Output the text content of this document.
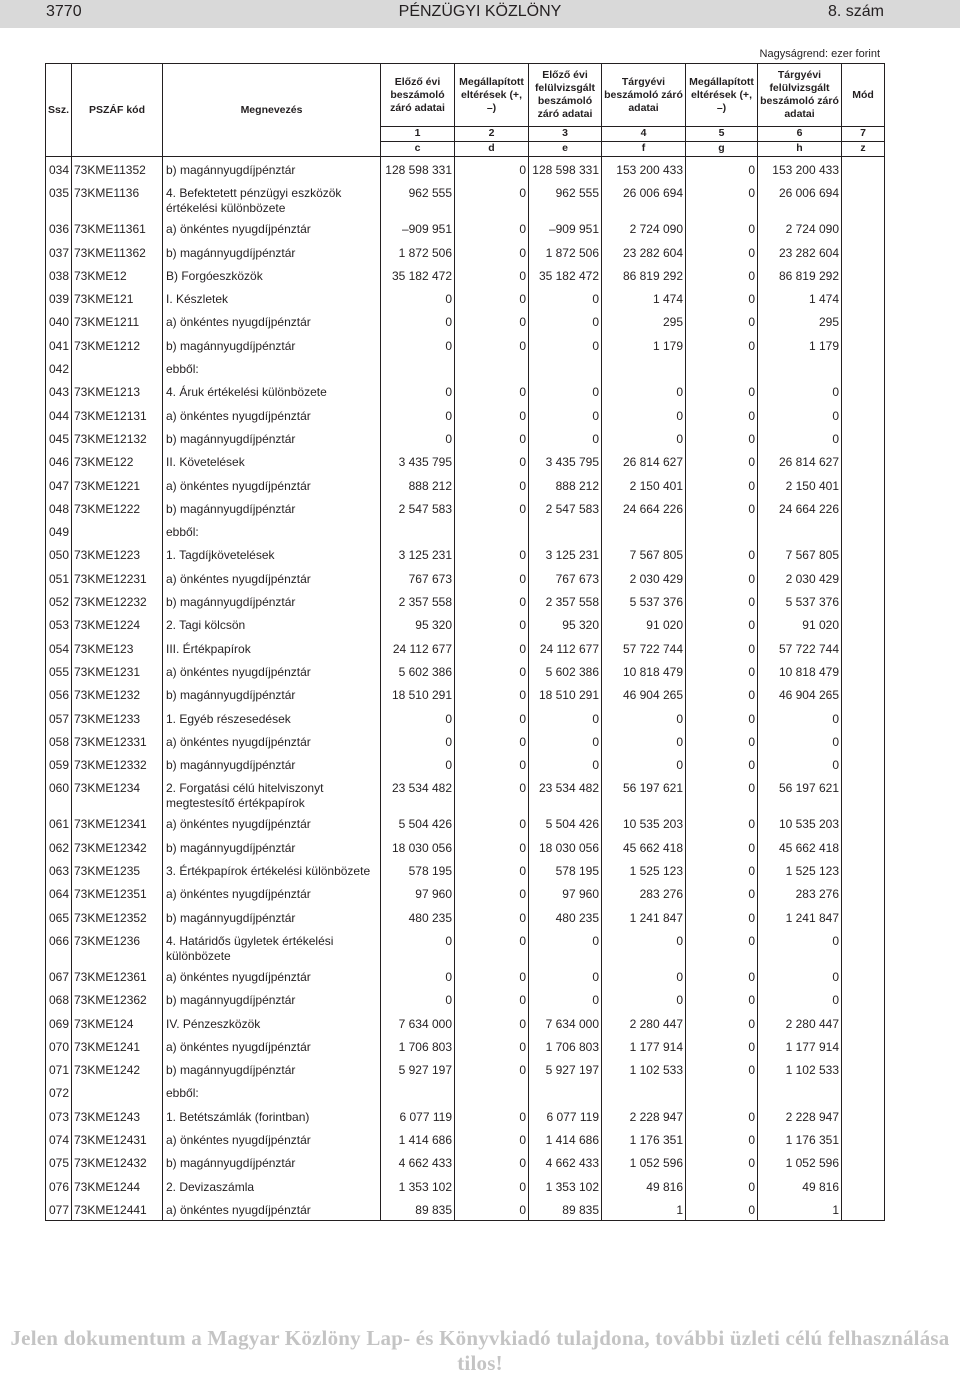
3770	PÉNZÜGYI KÖZLÖNY	8. szám
Nagyságrend: ezer forint
Ssz.	PSZÁF kód	Megnevezés	Előző évi beszámoló záró adatai	Megállapított eltérések (+, –)	Előző évi felülvizsgált beszámoló záró adatai	Tárgyévi beszámoló záró adatai	Megállapított eltérések (+, –)	Tárgyévi felülvizsgált beszámoló záró adatai	Mód
			1	2	3	4	5	6	7
			c	d	e	f	g	h	z
034	73KME11352	b) magánnyugdíjpénztár	128 598 331	0	128 598 331	153 200 433	0	153 200 433	
035	73KME1136	4. Befektetett pénzügyi eszközök értékelési különbözete	962 555	0	962 555	26 006 694	0	26 006 694	
036	73KME11361	a) önkéntes nyugdíjpénztár	–909 951	0	–909 951	2 724 090	0	2 724 090	
037	73KME11362	b) magánnyugdíjpénztár	1 872 506	0	1 872 506	23 282 604	0	23 282 604	
038	73KME12	B) Forgóeszközök	35 182 472	0	35 182 472	86 819 292	0	86 819 292	
039	73KME121	I. Készletek	0	0	0	1 474	0	1 474	
040	73KME1211	a) önkéntes nyugdíjpénztár	0	0	0	295	0	295	
041	73KME1212	b) magánnyugdíjpénztár	0	0	0	1 179	0	1 179	
042		ebből:							
043	73KME1213	4. Áruk értékelési különbözete	0	0	0	0	0	0	
044	73KME12131	a) önkéntes nyugdíjpénztár	0	0	0	0	0	0	
045	73KME12132	b) magánnyugdíjpénztár	0	0	0	0	0	0	
046	73KME122	II. Követelések	3 435 795	0	3 435 795	26 814 627	0	26 814 627	
047	73KME1221	a) önkéntes nyugdíjpénztár	888 212	0	888 212	2 150 401	0	2 150 401	
048	73KME1222	b) magánnyugdíjpénztár	2 547 583	0	2 547 583	24 664 226	0	24 664 226	
049		ebből:							
050	73KME1223	1. Tagdíjkövetelések	3 125 231	0	3 125 231	7 567 805	0	7 567 805	
051	73KME12231	a) önkéntes nyugdíjpénztár	767 673	0	767 673	2 030 429	0	2 030 429	
052	73KME12232	b) magánnyugdíjpénztár	2 357 558	0	2 357 558	5 537 376	0	5 537 376	
053	73KME1224	2. Tagi kölcsön	95 320	0	95 320	91 020	0	91 020	
054	73KME123	III. Értékpapírok	24 112 677	0	24 112 677	57 722 744	0	57 722 744	
055	73KME1231	a) önkéntes nyugdíjpénztár	5 602 386	0	5 602 386	10 818 479	0	10 818 479	
056	73KME1232	b) magánnyugdíjpénztár	18 510 291	0	18 510 291	46 904 265	0	46 904 265	
057	73KME1233	1. Egyéb részesedések	0	0	0	0	0	0	
058	73KME12331	a) önkéntes nyugdíjpénztár	0	0	0	0	0	0	
059	73KME12332	b) magánnyugdíjpénztár	0	0	0	0	0	0	
060	73KME1234	2. Forgatási célú hitelviszonyt megtestesítő értékpapírok	23 534 482	0	23 534 482	56 197 621	0	56 197 621	
061	73KME12341	a) önkéntes nyugdíjpénztár	5 504 426	0	5 504 426	10 535 203	0	10 535 203	
062	73KME12342	b) magánnyugdíjpénztár	18 030 056	0	18 030 056	45 662 418	0	45 662 418	
063	73KME1235	3. Értékpapírok értékelési különbözete	578 195	0	578 195	1 525 123	0	1 525 123	
064	73KME12351	a) önkéntes nyugdíjpénztár	97 960	0	97 960	283 276	0	283 276	
065	73KME12352	b) magánnyugdíjpénztár	480 235	0	480 235	1 241 847	0	1 241 847	
066	73KME1236	4. Határidős ügyletek értékelési különbözete	0	0	0	0	0	0	
067	73KME12361	a) önkéntes nyugdíjpénztár	0	0	0	0	0	0	
068	73KME12362	b) magánnyugdíjpénztár	0	0	0	0	0	0	
069	73KME124	IV. Pénzeszközök	7 634 000	0	7 634 000	2 280 447	0	2 280 447	
070	73KME1241	a) önkéntes nyugdíjpénztár	1 706 803	0	1 706 803	1 177 914	0	1 177 914	
071	73KME1242	b) magánnyugdíjpénztár	5 927 197	0	5 927 197	1 102 533	0	1 102 533	
072		ebből:							
073	73KME1243	1. Betétszámlák (forintban)	6 077 119	0	6 077 119	2 228 947	0	2 228 947	
074	73KME12431	a) önkéntes nyugdíjpénztár	1 414 686	0	1 414 686	1 176 351	0	1 176 351	
075	73KME12432	b) magánnyugdíjpénztár	4 662 433	0	4 662 433	1 052 596	0	1 052 596	
076	73KME1244	2. Devizaszámla	1 353 102	0	1 353 102	49 816	0	49 816	
077	73KME12441	a) önkéntes nyugdíjpénztár	89 835	0	89 835	1	0	1	
Jelen dokumentum a Magyar Közlöny Lap- és Könyvkiadó tulajdona, további üzleti célú felhasználása tilos!
